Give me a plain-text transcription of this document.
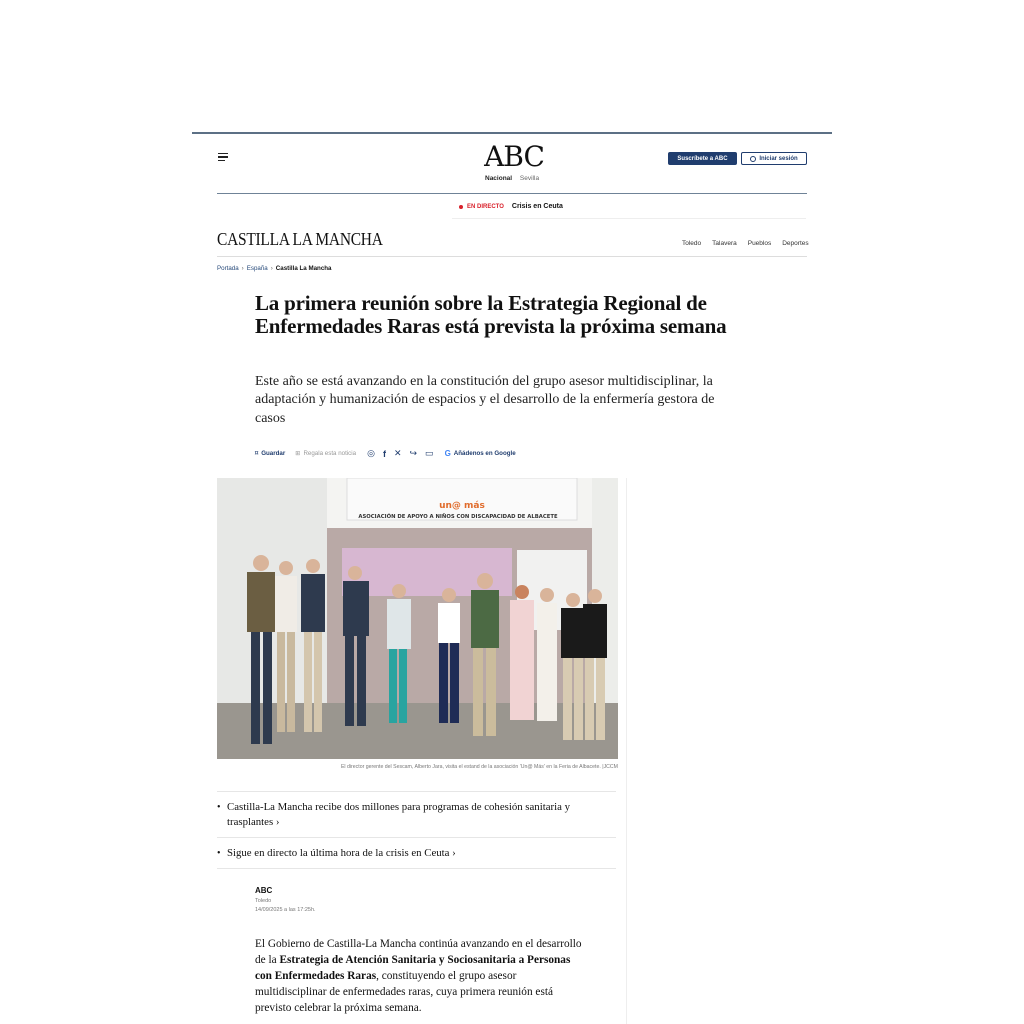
ABC
Nacional Sevilla
Suscríbete a ABC	Iniciar sesión
EN DIRECTO Crisis en Ceuta
CASTILLA LA MANCHA	Toledo Talavera Pueblos Deportes
Portada › España › Castilla La Mancha
La primera reunión sobre la Estrategia Regional de Enfermedades Raras está prevista la próxima semana

Este año se está avanzando en la constitución del grupo asesor multidisciplinar, la adaptación y humanización de espacios y el desarrollo de la enfermería gestora de casos

⌑ Guardar ⊞ Regala esta noticia ◎ f ✕ ↪ ▭ G Añádenos en Google
un@ más
ASOCIACIÓN DE APOYO A NIÑOS CON DISCAPACIDAD DE ALBACETE
El director gerente del Sescam, Alberto Jara, visita el estand de la asociación 'Un@ Más' en la Feria de Albacete. |JCCM
• Castilla-La Mancha recibe dos millones para programas de cohesión sanitaria y trasplantes ›
• Sigue en directo la última hora de la crisis en Ceuta ›
ABC
Toledo
14/09/2025 a las 17:25h.
El Gobierno de Castilla-La Mancha continúa avanzando en el desarrollo de la Estrategia de Atención Sanitaria y Sociosanitaria a Personas con Enfermedades Raras, constituyendo el grupo asesor multidisciplinar de enfermedades raras, cuya primera reunión está previsto celebrar la próxima semana.
